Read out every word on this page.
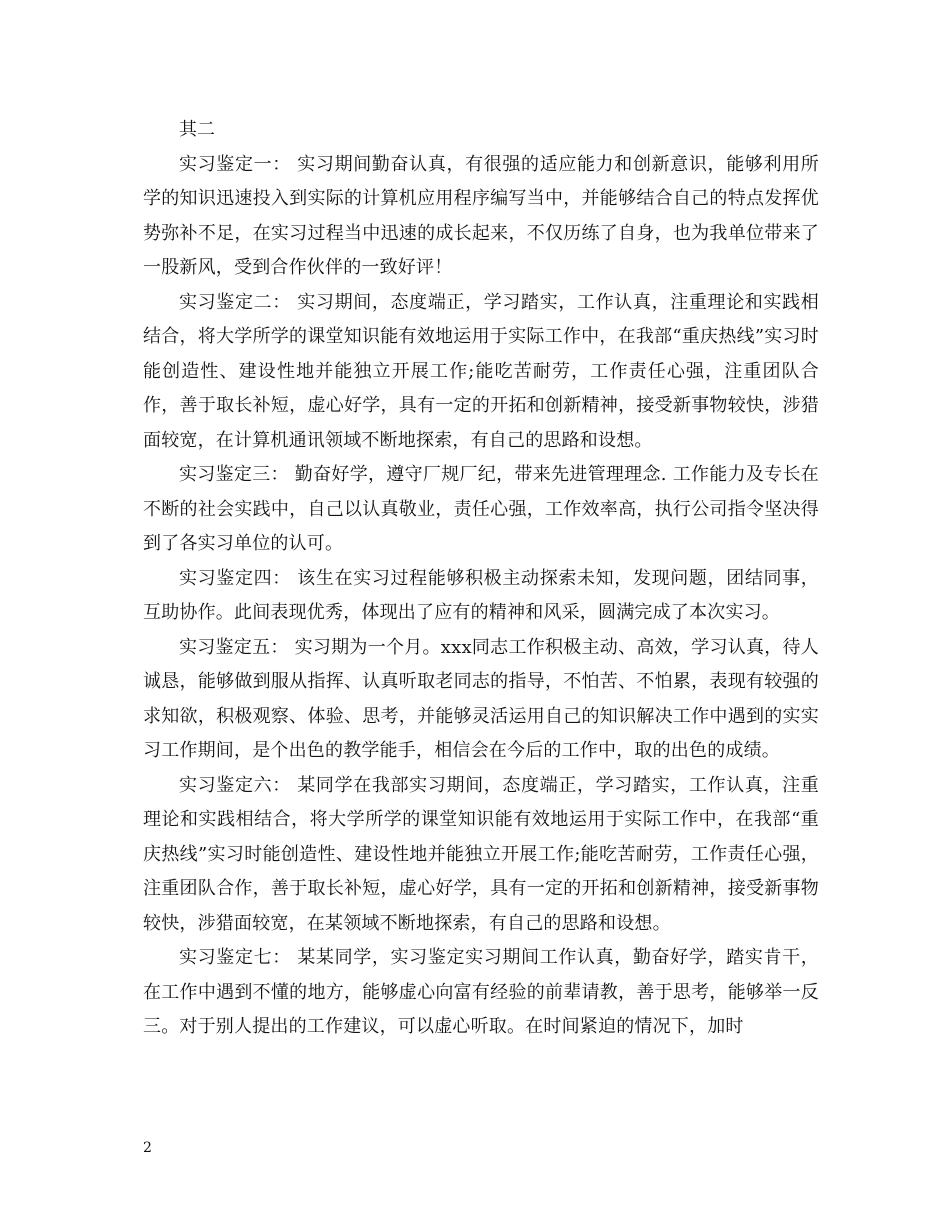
其二

实习鉴定一： 实习期间勤奋认真，有很强的适应能力和创新意识，能够利用所学的知识迅速投入到实际的计算机应用程序编写当中，并能够结合自己的特点发挥优势弥补不足，在实习过程当中迅速的成长起来，不仅历练了自身，也为我单位带来了一股新风，受到合作伙伴的一致好评！

实习鉴定二： 实习期间，态度端正，学习踏实，工作认真，注重理论和实践相结合，将大学所学的课堂知识能有效地运用于实际工作中，在我部“重庆热线”实习时能创造性、建设性地并能独立开展工作;能吃苦耐劳，工作责任心强，注重团队合作，善于取长补短，虚心好学，具有一定的开拓和创新精神，接受新事物较快，涉猎面较宽，在计算机通讯领域不断地探索，有自己的思路和设想。

实习鉴定三： 勤奋好学，遵守厂规厂纪，带来先进管理理念. 工作能力及专长在不断的社会实践中，自己以认真敬业，责任心强，工作效率高，执行公司指令坚决得到了各实习单位的认可。

实习鉴定四： 该生在实习过程能够积极主动探索未知，发现问题，团结同事，互助协作。此间表现优秀，体现出了应有的精神和风采，圆满完成了本次实习。

实习鉴定五： 实习期为一个月。xxx同志工作积极主动、高效，学习认真，待人诚恳，能够做到服从指挥、认真听取老同志的指导，不怕苦、不怕累，表现有较强的求知欲，积极观察、体验、思考，并能够灵活运用自己的知识解决工作中遇到的实实习工作期间，是个出色的教学能手，相信会在今后的工作中，取的出色的成绩。

实习鉴定六： 某同学在我部实习期间，态度端正，学习踏实，工作认真，注重理论和实践相结合，将大学所学的课堂知识能有效地运用于实际工作中，在我部“重庆热线”实习时能创造性、建设性地并能独立开展工作;能吃苦耐劳，工作责任心强，注重团队合作，善于取长补短，虚心好学，具有一定的开拓和创新精神，接受新事物较快，涉猎面较宽，在某领域不断地探索，有自己的思路和设想。

实习鉴定七： 某某同学，实习鉴定实习期间工作认真，勤奋好学，踏实肯干，在工作中遇到不懂的地方，能够虚心向富有经验的前辈请教，善于思考，能够举一反三。对于别人提出的工作建议，可以虚心听取。在时间紧迫的情况下，加时

2
